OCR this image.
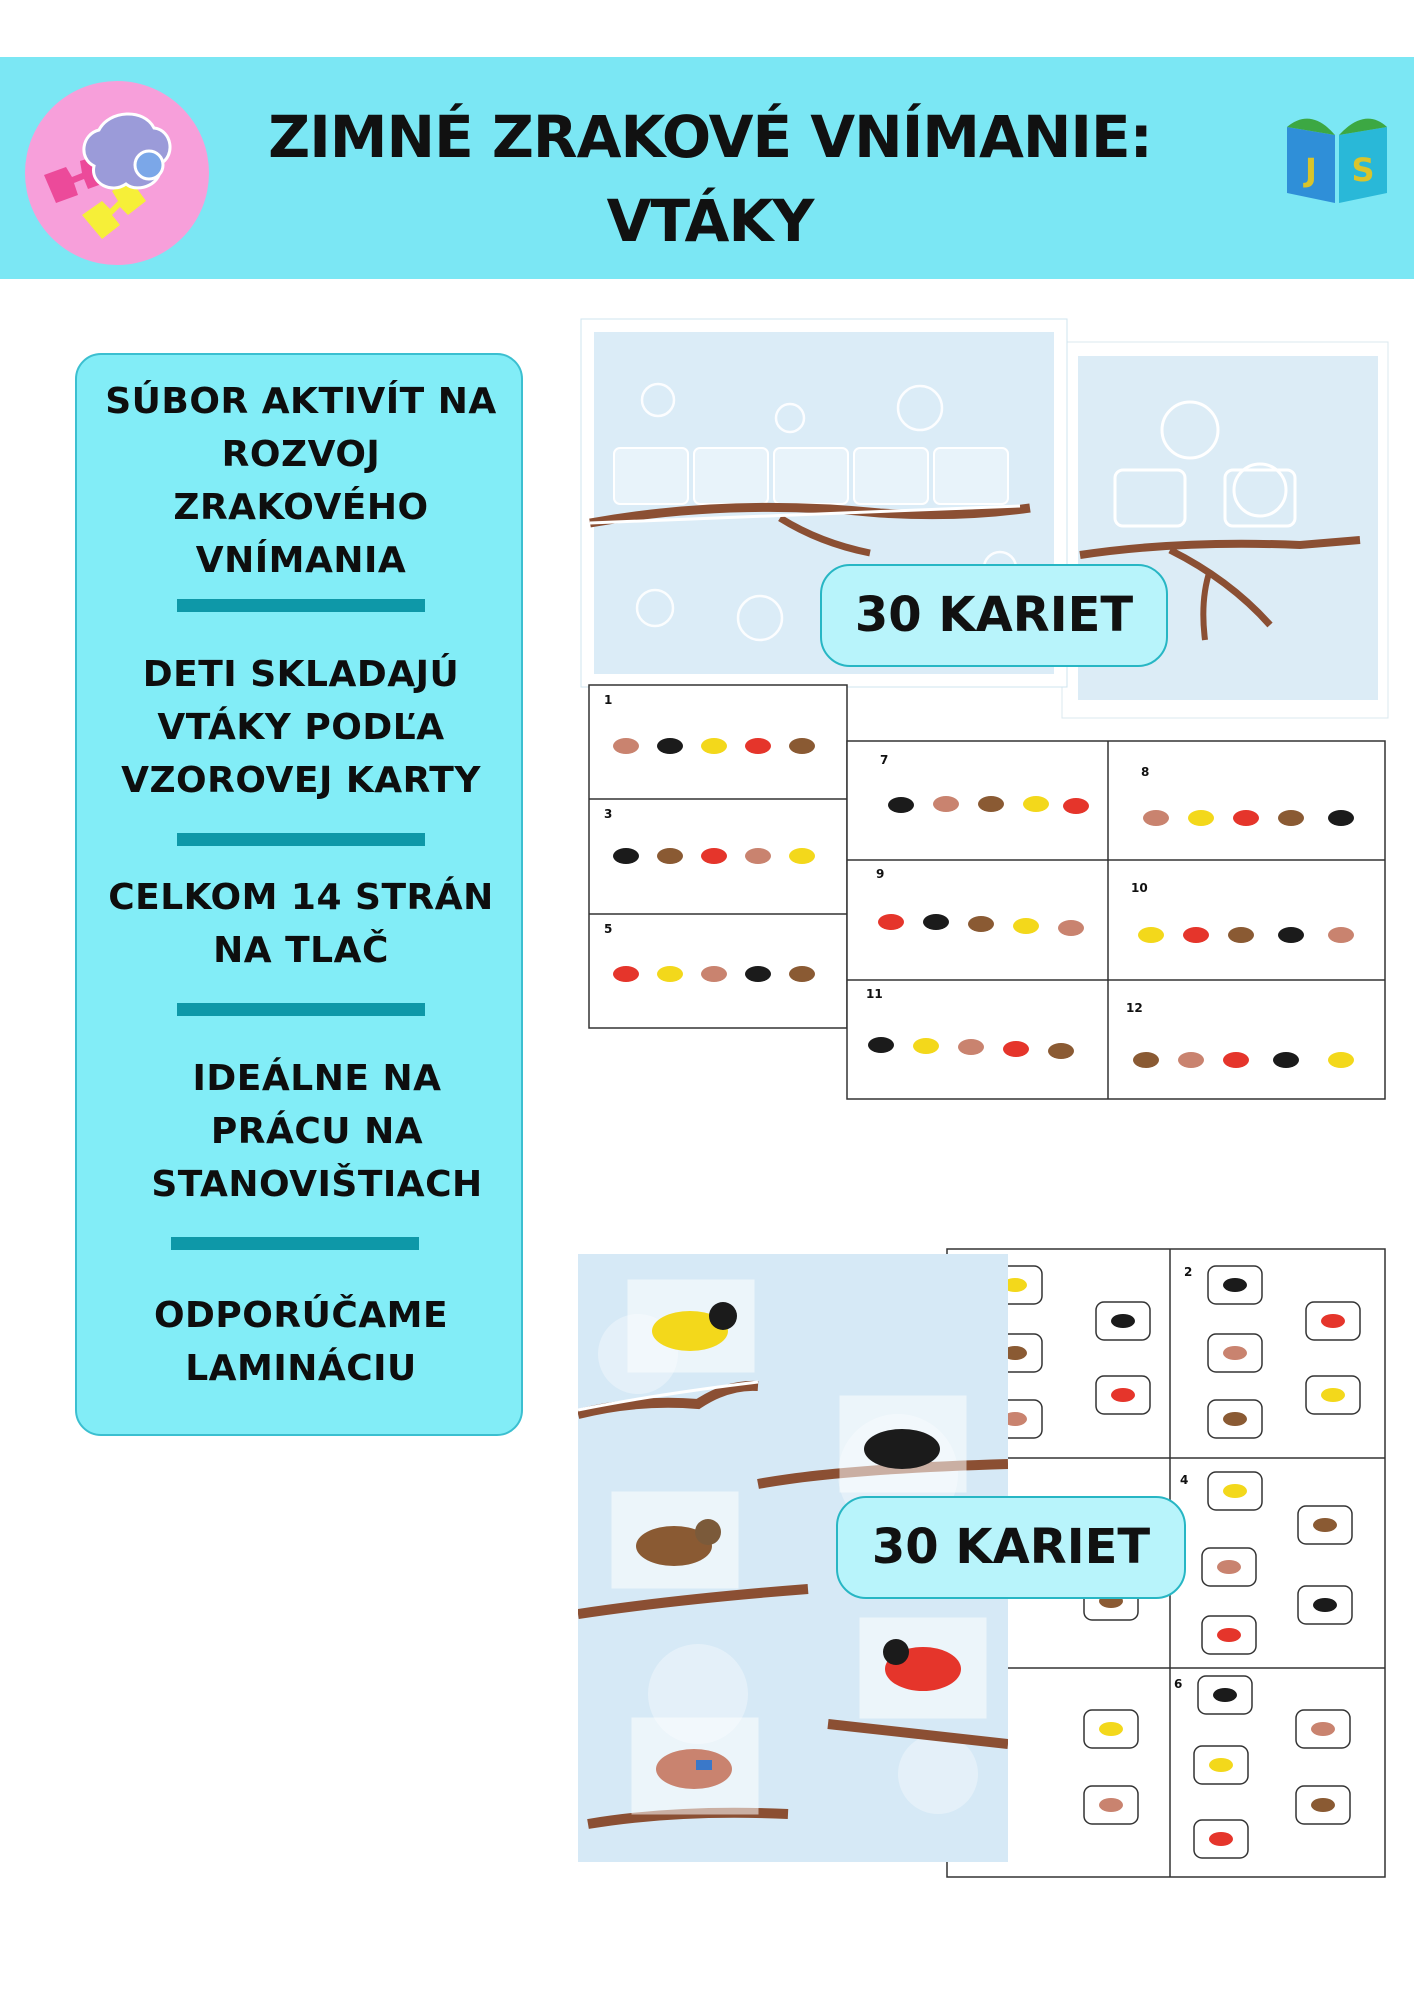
J S
ZIMNÉ ZRAKOVÉ VNÍMANIE:
VTÁKY
SÚBOR AKTIVÍT NA
ROZVOJ
ZRAKOVÉHO
VNÍMANIA
DETI SKLADAJÚ
VTÁKY PODĽA
VZOROVEJ KARTY
CELKOM 14 STRÁN
NA TLAČ
IDEÁLNE NA
PRÁCU NA
STANOVIŠTIACH
ODPORÚČAME
LAMINÁCIU
1
3
5
7
8
9
10
11
12
30 KARIET
2
4
6
30 KARIET
